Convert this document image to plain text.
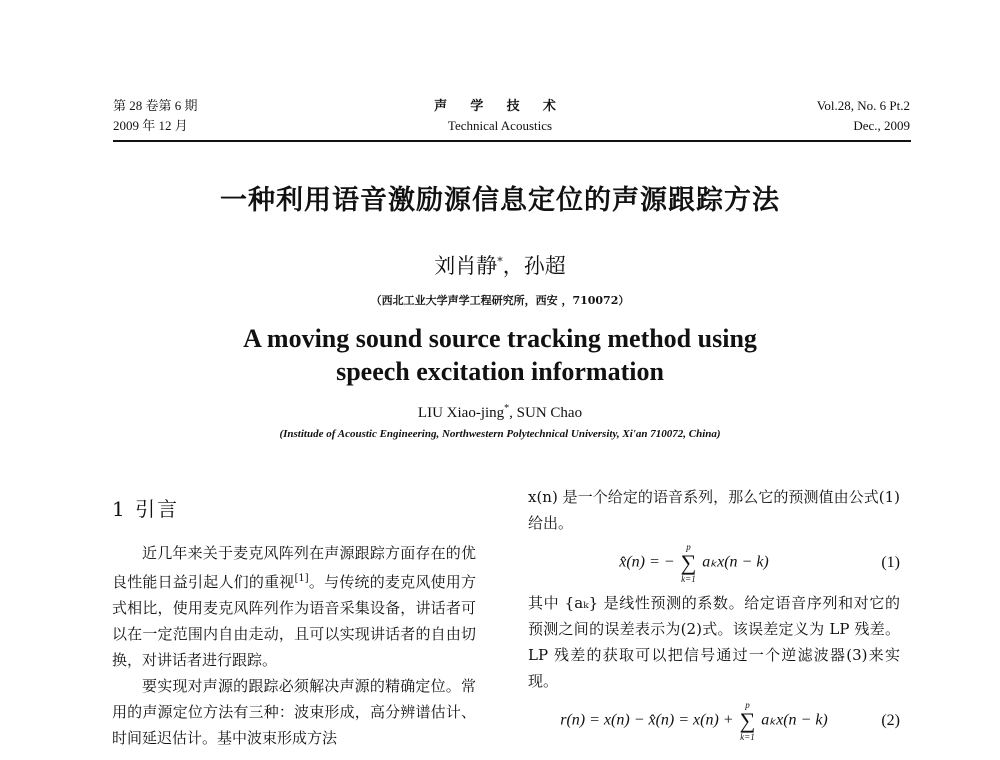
第 28 卷第 6 期
2009 年 12 月
声 学 技 术
Technical Acoustics
Vol.28, No. 6 Pt.2
Dec., 2009
一种利用语音激励源信息定位的声源跟踪方法
刘肖静*，孙超
（西北工业大学声学工程研究所，西安 ，710072）
A moving sound source tracking method using
speech excitation information
LIU Xiao-jing*, SUN Chao
(Institude of Acoustic Engineering, Northwestern Polytechnical University, Xi'an 710072, China)
1 引言

近几年来关于麦克风阵列在声源跟踪方面存在的优良性能日益引起人们的重视[1]。与传统的麦克风使用方式相比，使用麦克风阵列作为语音采集设备，讲话者可以在一定范围内自由走动，且可以实现讲话者的自由切换，对讲话者进行跟踪。

要实现对声源的跟踪必须解决声源的精确定位。常用的声源定位方法有三种：波束形成，高分辨谱估计、时间延迟估计。基中波束形成方法

x(n) 是一个给定的语音系列，那么它的预测值由公式(1)给出。

x̂(n) = −
p
∑
k=1
aₖx(n − k)	(1)

其中 {aₖ} 是线性预测的系数。给定语音序列和对它的预测之间的误差表示为(2)式。该误差定义为 LP 残差。LP 残差的获取可以把信号通过一个逆滤波器(3)来实现。

r(n) = x(n) − x̂(n) = x(n) +
p
∑
k=1
aₖx(n − k)	(2)
